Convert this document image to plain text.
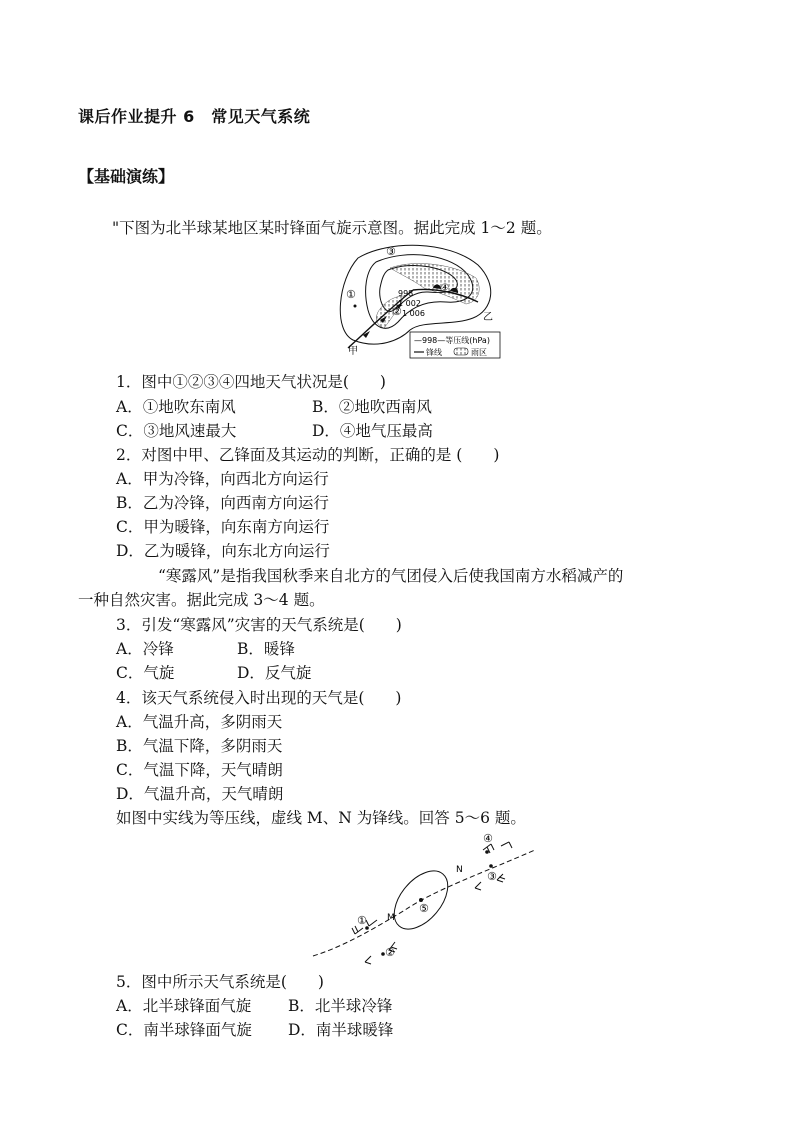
课后作业提升 6　常见天气系统
【基础演练】
"下图为北半球某地区某时锋面气旋示意图。据此完成 1～2 题。
③
①
②
④
998
1 002
1 006
甲
乙
—998—等压线(hPa)
锋线	雨区
1．图中①②③④四地天气状况是(　　)
A．①地吹东南风	B．②地吹西南风
C．③地风速最大	D．④地气压最高
2．对图中甲、乙锋面及其运动的判断，正确的是 (　　)
A．甲为冷锋，向西北方向运行
B．乙为冷锋，向西南方向运行
C．甲为暖锋，向东南方向运行
D．乙为暖锋，向东北方向运行
“寒露风”是指我国秋季来自北方的气团侵入后使我国南方水稻减产的
一种自然灾害。据此完成 3～4 题。
3．引发“寒露风”灾害的天气系统是(　　)
A．冷锋	B．暖锋
C．气旋	D．反气旋
4．该天气系统侵入时出现的天气是(　　)
A．气温升高，多阴雨天
B．气温下降，多阴雨天
C．气温下降，天气晴朗
D．气温升高，天气晴朗
如图中实线为等压线，虚线 M、N 为锋线。回答 5～6 题。
①
②
③
④
⑤
M
N
5．图中所示天气系统是(　　)
A．北半球锋面气旋 B．北半球冷锋
C．南半球锋面气旋 D．南半球暖锋
